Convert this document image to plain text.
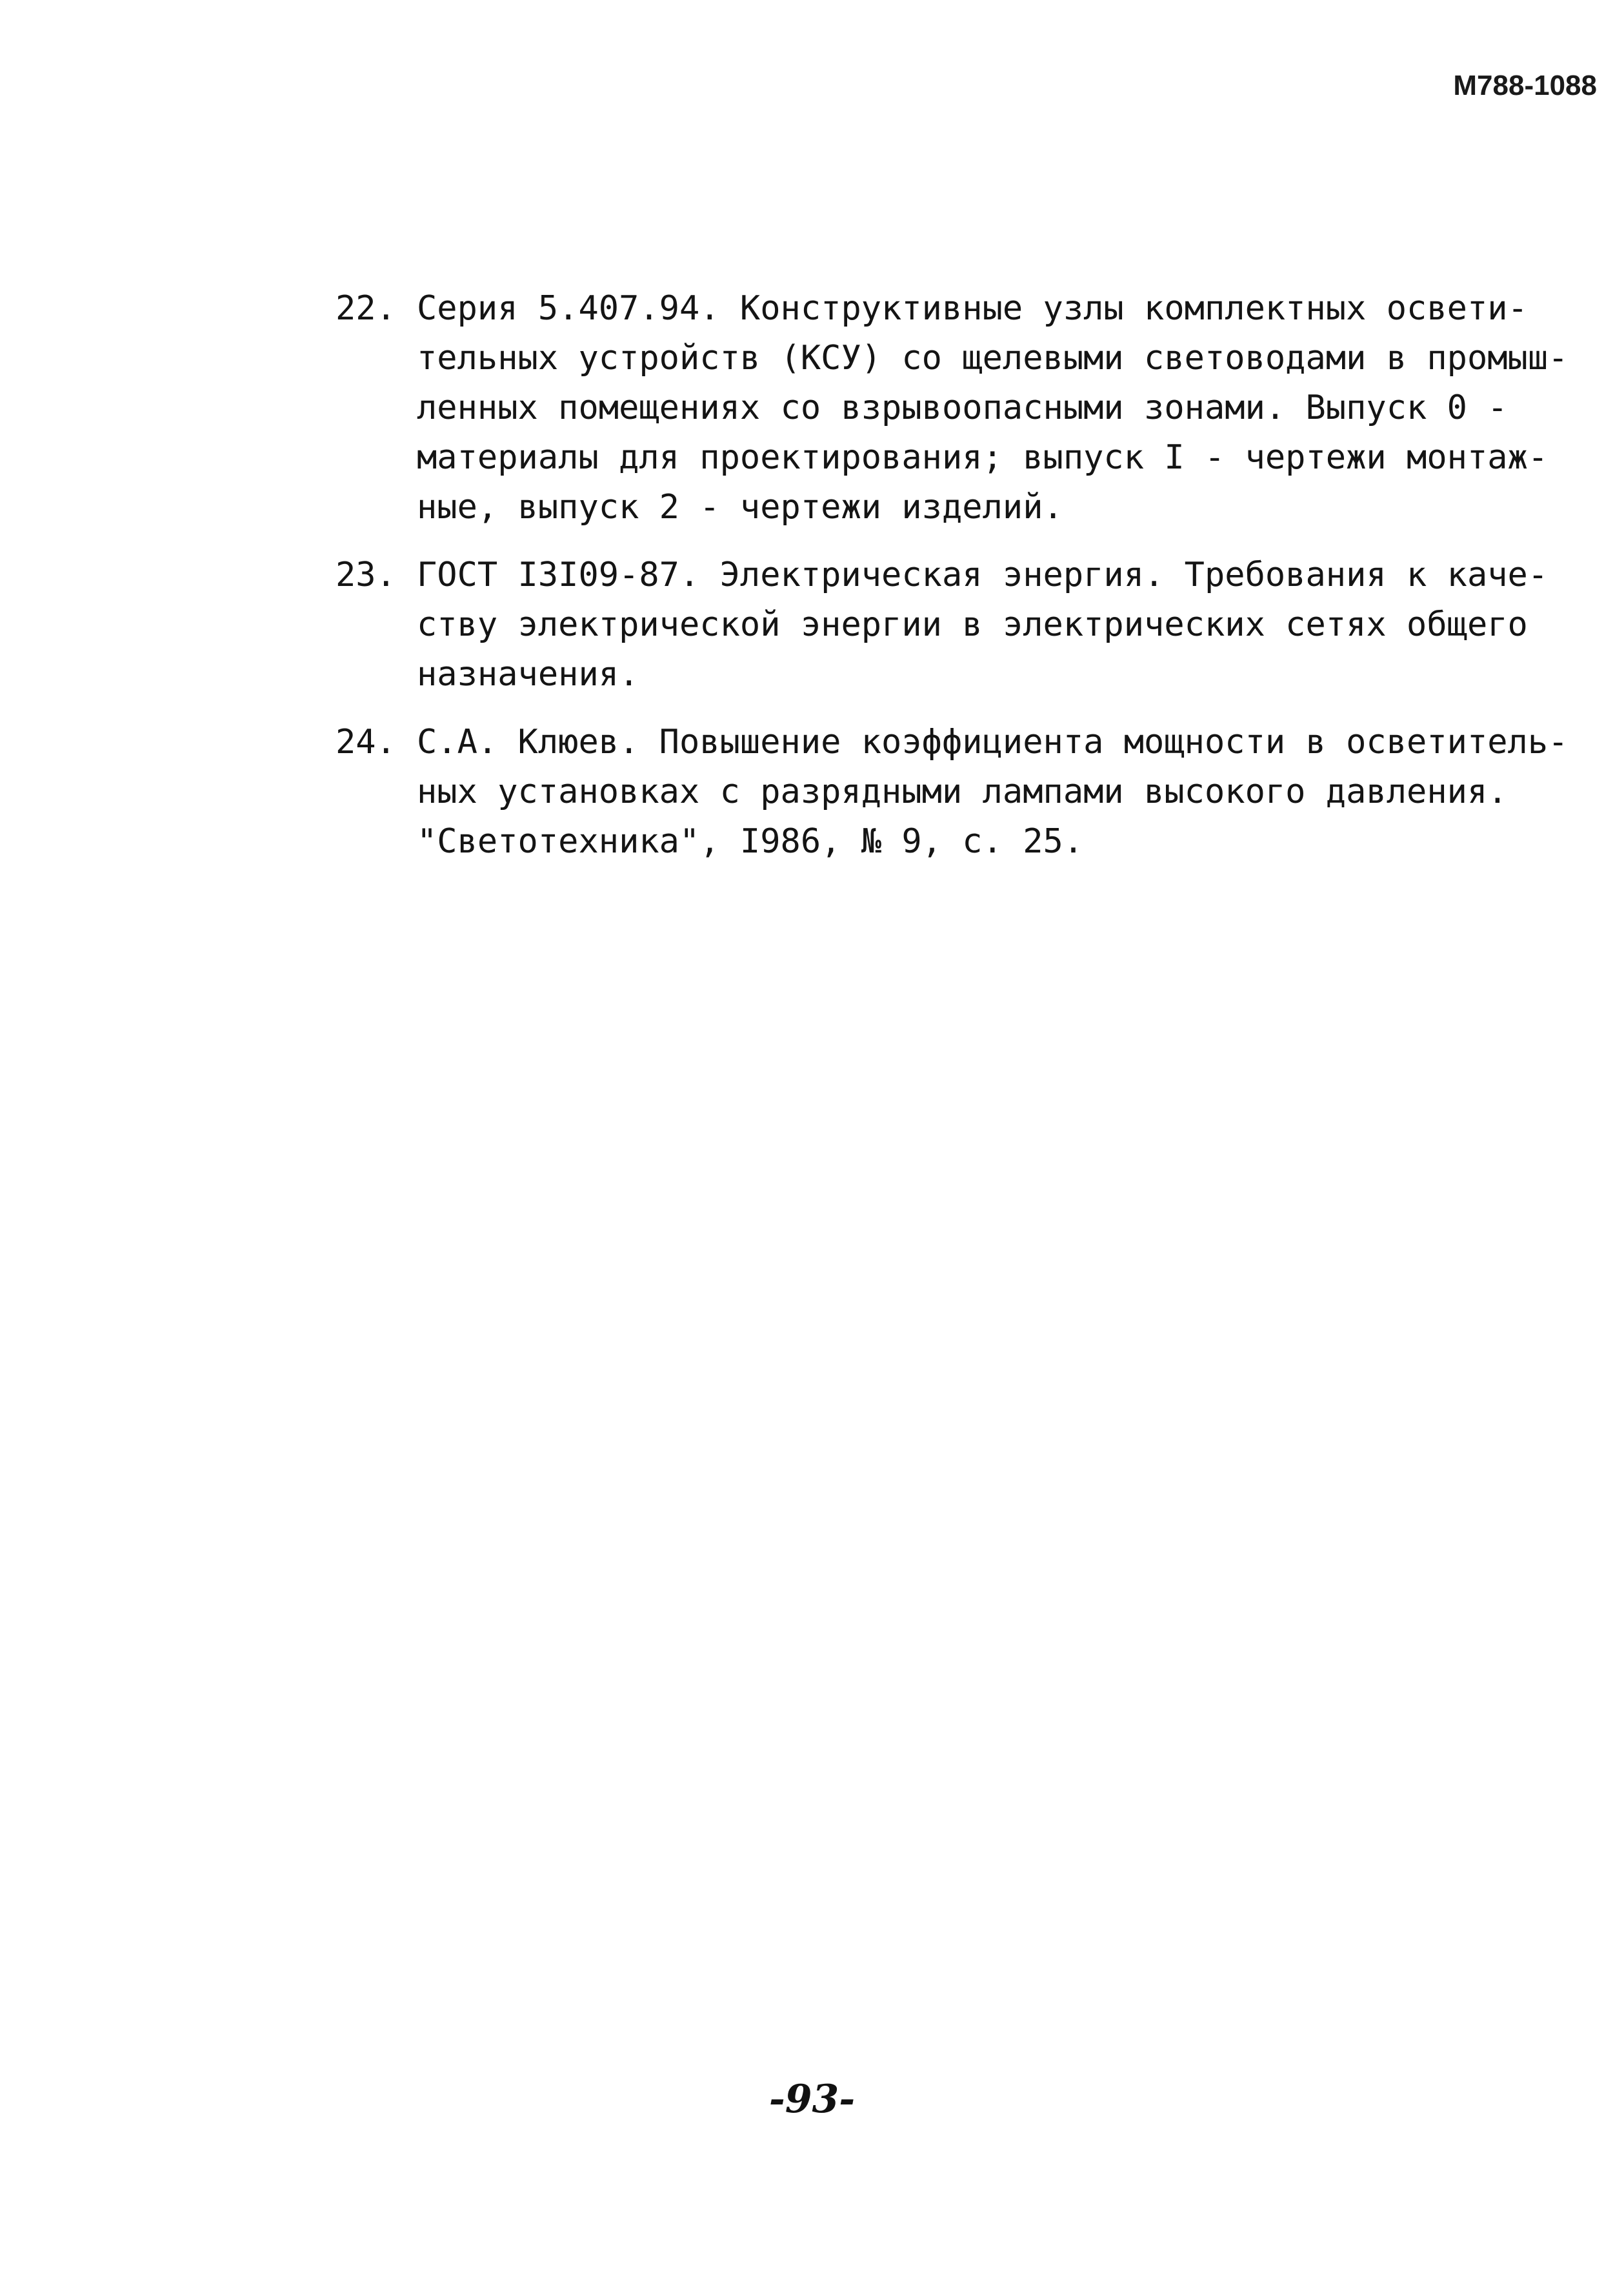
М788-1088
22. Серия 5.407.94. Конструктивные узлы комплектных освети-
тельных устройств (КСУ) со щелевыми световодами в промыш-
ленных помещениях со взрывоопасными зонами. Выпуск 0 -
материалы для проектирования; выпуск I - чертежи монтаж-
ные, выпуск 2 - чертежи изделий.
23. ГОСТ I3I09-87. Электрическая энергия. Требования к каче-
ству электрической энергии в электрических сетях общего
назначения.
24. С.А. Клюев. Повышение коэффициента мощности в осветитель-
ных установках с разрядными лампами высокого давления.
"Светотехника", I986, № 9, с. 25.
-93-
